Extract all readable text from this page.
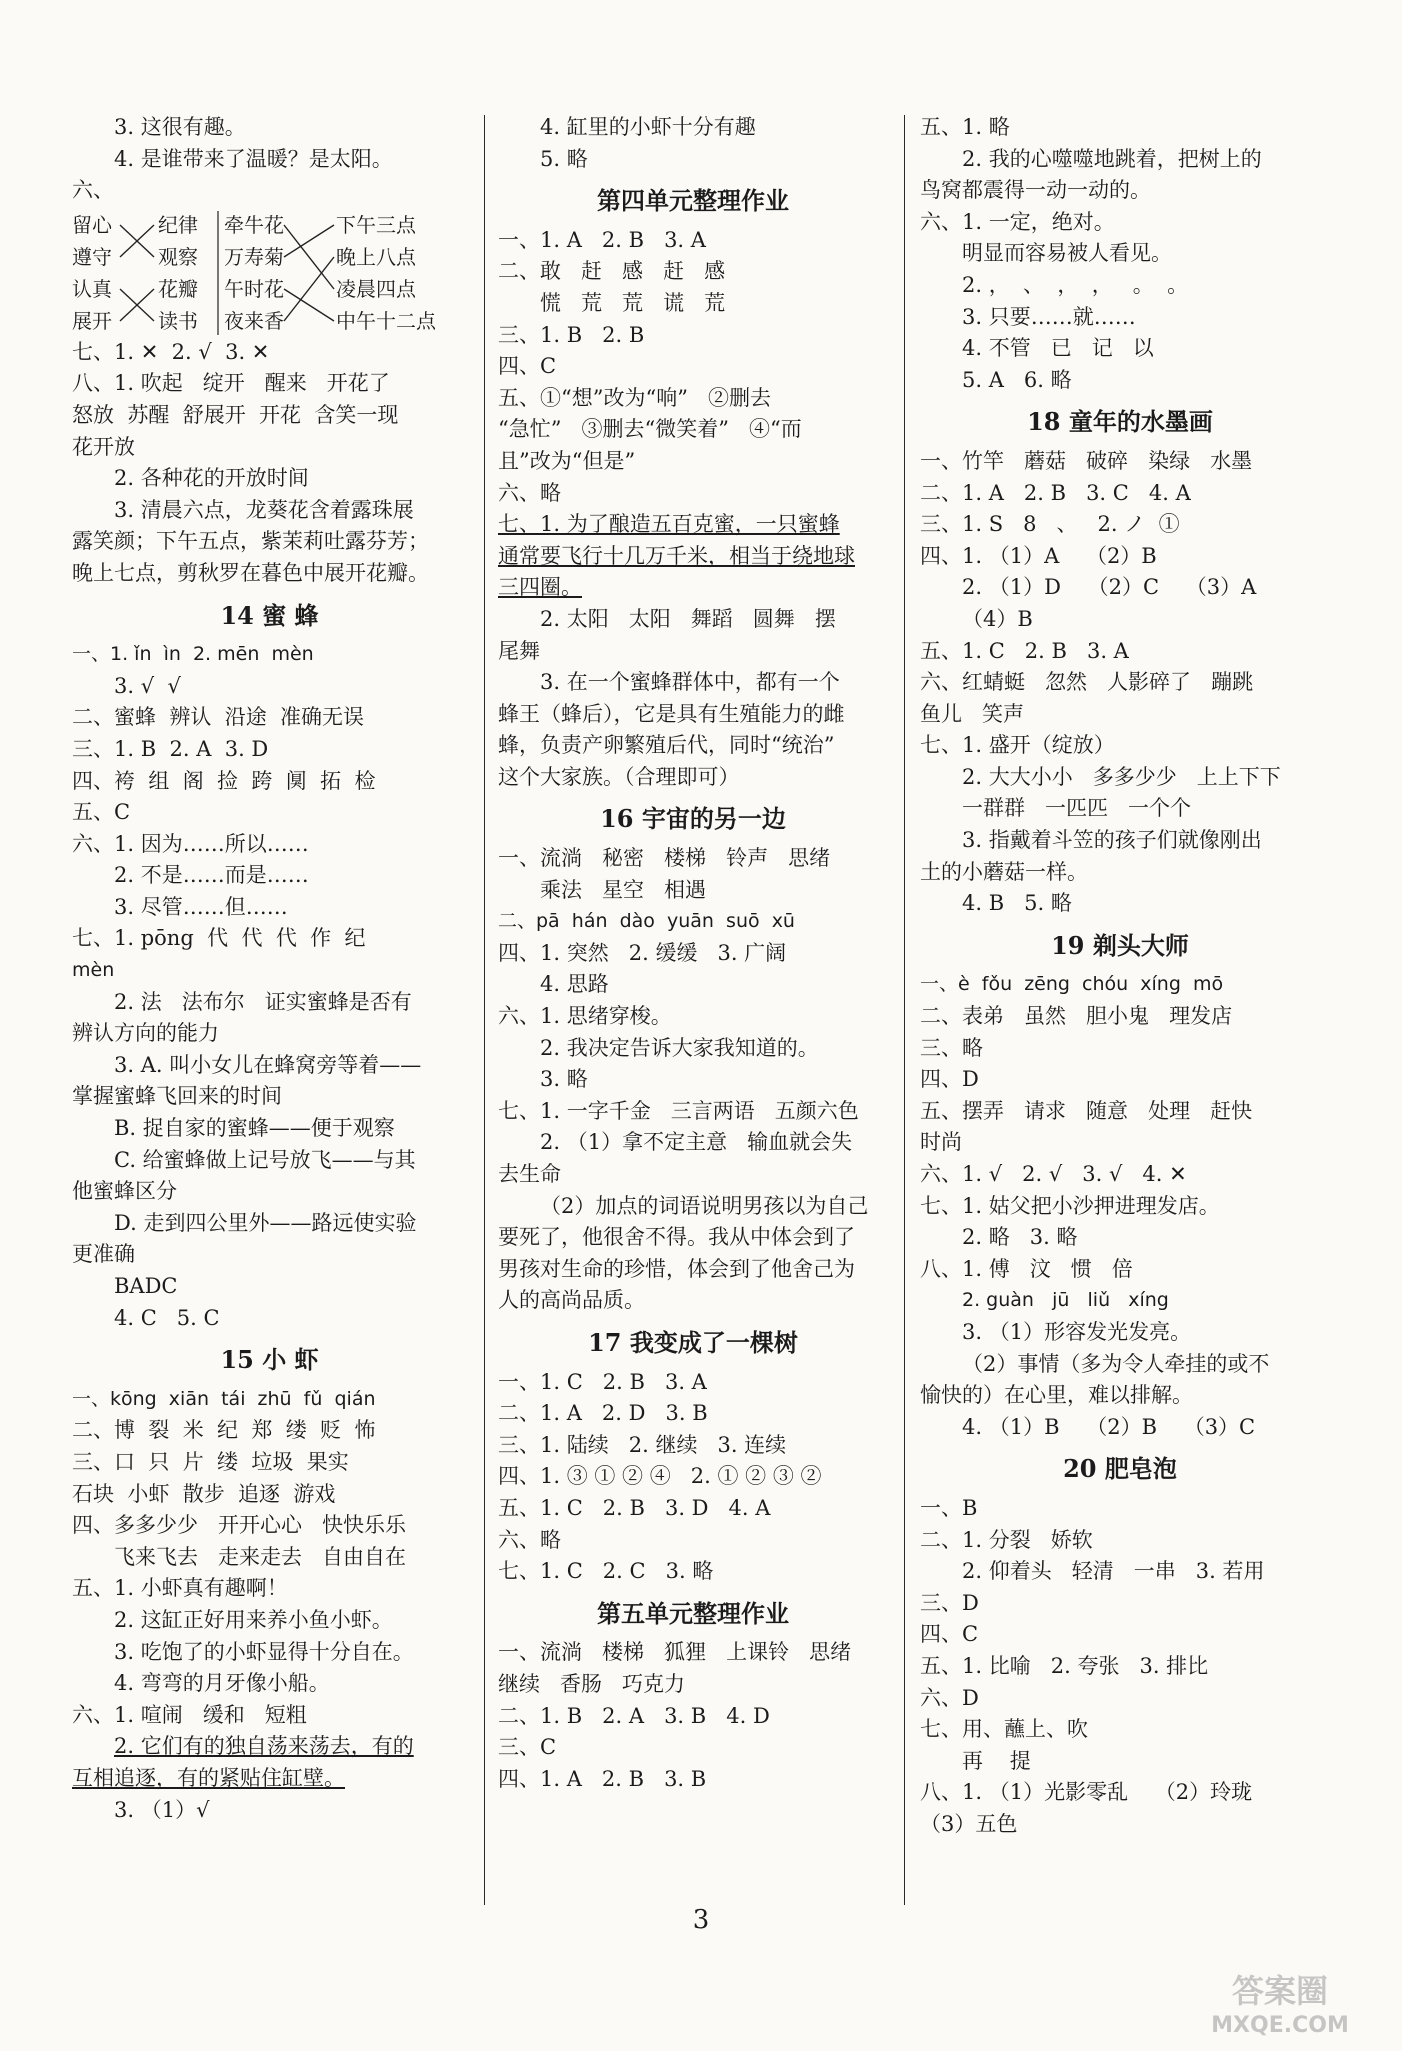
3. 这很有趣。
4. 是谁带来了温暖？是太阳。
六、
留心
遵守
认真
展开
纪律
观察
花瓣
读书
牵牛花
万寿菊
午时花
夜来香
下午三点
晚上八点
凌晨四点
中午十二点
七、1. ✕  2. √  3. ✕
八、1. 吹起   绽开   醒来   开花了
怒放  苏醒  舒展开  开花  含笑一现
花开放
2. 各种花的开放时间
3. 清晨六点，龙葵花含着露珠展
露笑颜；下午五点，紫茉莉吐露芬芳；
晚上七点，剪秋罗在暮色中展开花瓣。
14 蜜 蜂
一、1. ǐn  ìn  2. mēn  mèn
3. √  √
二、蜜蜂  辨认  沿途  准确无误
三、1. B  2. A  3. D
四、袴  组  阁  捡  跨  阒  拓  检
五、C
六、1. 因为……所以……
2. 不是……而是……
3. 尽管……但……
七、1. pōng  代  代  代  作  纪
mèn
2. 法   法布尔   证实蜜蜂是否有
辨认方向的能力
3. A. 叫小女儿在蜂窝旁等着——
掌握蜜蜂飞回来的时间
B. 捉自家的蜜蜂——便于观察
C. 给蜜蜂做上记号放飞——与其
他蜜蜂区分
D. 走到四公里外——路远使实验
更准确
BADC
4. C   5. C
15 小 虾
一、kōng  xiān  tái  zhū  fǔ  qián
二、博  裂  米  纪  郑  缕  贬  怖
三、口  只  片  缕  垃圾  果实
石块  小虾  散步  追逐  游戏
四、多多少少   开开心心   快快乐乐
飞来飞去   走来走去   自由自在
五、1. 小虾真有趣啊！
2. 这缸正好用来养小鱼小虾。
3. 吃饱了的小虾显得十分自在。
4. 弯弯的月牙像小船。
六、1. 喧闹   缓和   短粗
2. 它们有的独自荡来荡去，有的
互相追逐，有的紧贴住缸壁。
3. （1）√
4. 缸里的小虾十分有趣
5. 略
第四单元整理作业
一、1. A   2. B   3. A
二、敢   赶   感   赶   感
慌   荒   荒   谎   荒
三、1. B   2. B
四、C
五、①“想”改为“响”   ②删去
“急忙”   ③删去“微笑着”   ④“而
且”改为“但是”
六、略
七、1. 为了酿造五百克蜜，一只蜜蜂
通常要飞行十几万千米，相当于绕地球
三四圈。
2. 太阳   太阳   舞蹈   圆舞   摆
尾舞
3. 在一个蜜蜂群体中，都有一个
蜂王（蜂后），它是具有生殖能力的雌
蜂，负责产卵繁殖后代，同时“统治”
这个大家族。（合理即可）
16 宇宙的另一边
一、流淌   秘密   楼梯   铃声   思绪
乘法   星空   相遇
二、pā  hán  dào  yuān  suō  xū
四、1. 突然   2. 缓缓   3. 广阔
4. 思路
六、1. 思绪穿梭。
2. 我决定告诉大家我知道的。
3. 略
七、1. 一字千金   三言两语   五颜六色
2. （1）拿不定主意   输血就会失
去生命
（2）加点的词语说明男孩以为自己
要死了，他很舍不得。我从中体会到了
男孩对生命的珍惜，体会到了他舍己为
人的高尚品质。
17 我变成了一棵树
一、1. C   2. B   3. A
二、1. A   2. D   3. B
三、1. 陆续   2. 继续   3. 连续
四、1. ③ ① ② ④   2. ① ② ③ ②
五、1. C   2. B   3. D   4. A
六、略
七、1. C   2. C   3. 略
第五单元整理作业
一、流淌   楼梯   狐狸   上课铃   思绪
继续   香肠   巧克力
二、1. B   2. A   3. B   4. D
三、C
四、1. A   2. B   3. B
五、1. 略
2. 我的心噬噬地跳着，把树上的
鸟窝都震得一动一动的。
六、1. 一定，绝对。
明显而容易被人看见。
2. ，  、  ，  ，   。  。
3. 只要……就……
4. 不管   已   记   以
5. A   6. 略
18 童年的水墨画
一、竹竿   蘑菇   破碎   染绿   水墨
二、1. A   2. B   3. C   4. A
三、1. S   8   、   2. ノ  ①
四、1. （1）A    （2）B
2. （1）D    （2）C    （3）A
（4）B
五、1. C   2. B   3. A
六、红蜻蜓   忽然   人影碎了   蹦跳
鱼儿   笑声
七、1. 盛开（绽放）
2. 大大小小   多多少少   上上下下
一群群   一匹匹   一个个
3. 指戴着斗笠的孩子们就像刚出
土的小蘑菇一样。
4. B   5. 略
19 剃头大师
一、è  fǒu  zēng  chóu  xíng  mō
二、表弟   虽然   胆小鬼   理发店
三、略
四、D
五、摆弄   请求   随意   处理   赶快
时尚
六、1. √   2. √   3. √   4. ✕
七、1. 姑父把小沙押进理发店。
2. 略   3. 略
八、1. 傅   汶   惯   倍
2. guàn   jū   liǔ   xíng
3. （1）形容发光发亮。
（2）事情（多为令人牵挂的或不
愉快的）在心里，难以排解。
4. （1）B    （2）B    （3）C
20 肥皂泡
一、B
二、1. 分裂   娇软
2. 仰着头   轻清   一串   3. 若用
三、D
四、C
五、1. 比喻   2. 夸张   3. 排比
六、D
七、用、蘸上、吹
再    提
八、1. （1）光影零乱    （2）玲珑
（3）五色
3
答案圈
MXQE.COM
